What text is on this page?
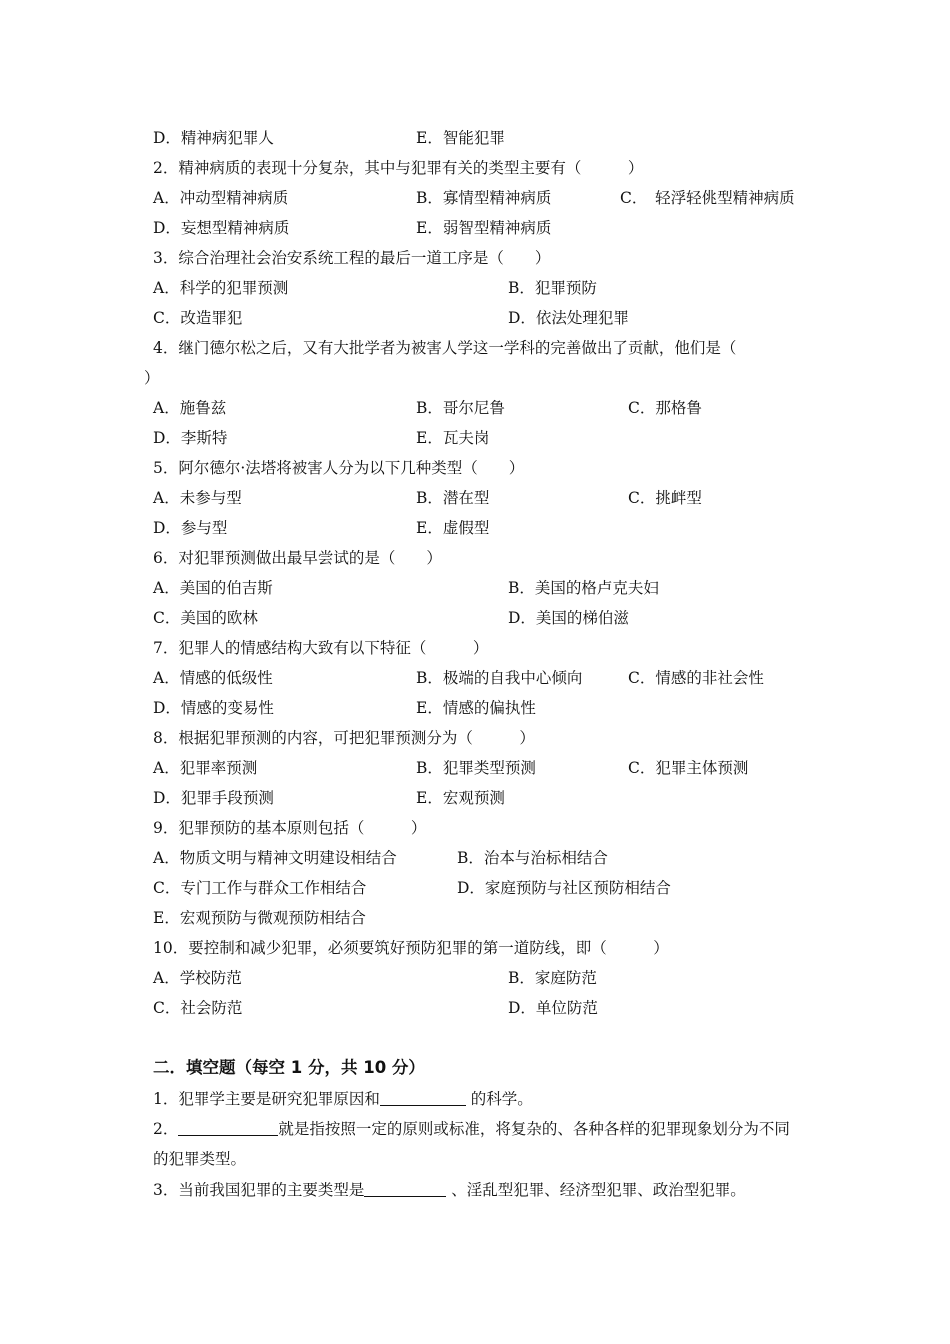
D．精神病犯罪人	E．智能犯罪
2．精神病质的表现十分复杂，其中与犯罪有关的类型主要有（　　　）
A．冲动型精神病质	B．寡情型精神病质	C．　轻浮轻佻型精神病质
D．妄想型精神病质	E．弱智型精神病质
3．综合治理社会治安系统工程的最后一道工序是（　　）
A．科学的犯罪预测	B．犯罪预防
C．改造罪犯	D．依法处理犯罪
4．继门德尔松之后，又有大批学者为被害人学这一学科的完善做出了贡献，他们是（
）
A．施鲁兹	B．哥尔尼鲁	C．那格鲁
D．李斯特	E．瓦夫岗
5．阿尔德尔·法塔将被害人分为以下几种类型（　　）
A．未参与型	B．潜在型	C．挑衅型
D．参与型	E．虚假型
6．对犯罪预测做出最早尝试的是（　　）
A．美国的伯吉斯	B．美国的格卢克夫妇
C．美国的欧林	D．美国的梯伯滋
7．犯罪人的情感结构大致有以下特征（　　　）
A．情感的低级性	B．极端的自我中心倾向	C．情感的非社会性
D．情感的变易性	E．情感的偏执性
8．根据犯罪预测的内容，可把犯罪预测分为（　　　）
A．犯罪率预测	B．犯罪类型预测	C．犯罪主体预测
D．犯罪手段预测	E．宏观预测
9．犯罪预防的基本原则包括（　　　）
A．物质文明与精神文明建设相结合	B．治本与治标相结合
C．专门工作与群众工作相结合	D．家庭预防与社区预防相结合
E．宏观预防与微观预防相结合
10．要控制和减少犯罪，必须要筑好预防犯罪的第一道防线，即（　　　）
A．学校防范	B．家庭防范
C．社会防范	D．单位防范
二．填空题（每空 1 分，共 10 分）
1．犯罪学主要是研究犯罪原因和	的科学。
2．	就是指按照一定的原则或标准，将复杂的、各种各样的犯罪现象划分为不同
的犯罪类型。
3．当前我国犯罪的主要类型是	、淫乱型犯罪、经济型犯罪、政治型犯罪。
